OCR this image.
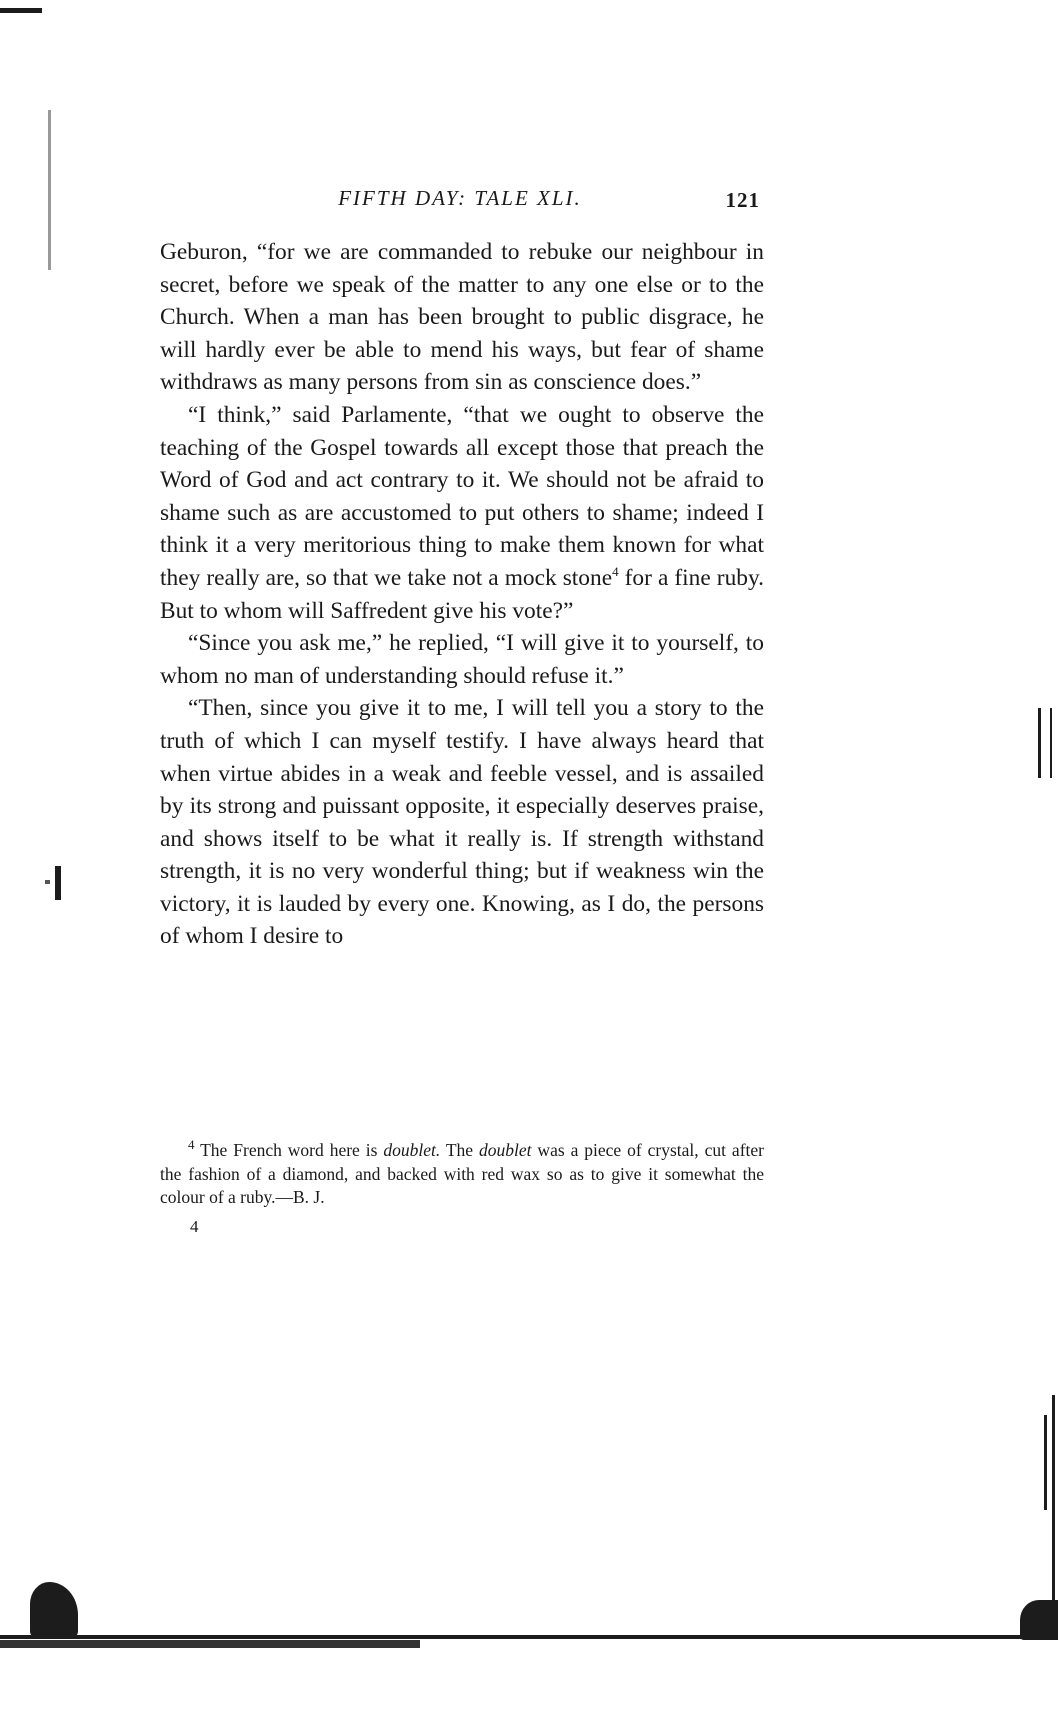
FIFTH DAY: TALE XLI.	121

Geburon, “for we are commanded to rebuke our neighbour in secret, before we speak of the matter to any one else or to the Church. When a man has been brought to public disgrace, he will hardly ever be able to mend his ways, but fear of shame withdraws as many persons from sin as conscience does.”

“I think,” said Parlamente, “that we ought to observe the teaching of the Gospel towards all except those that preach the Word of God and act contrary to it. We should not be afraid to shame such as are accustomed to put others to shame; indeed I think it a very meritorious thing to make them known for what they really are, so that we take not a mock stone$^4$ for a fine ruby. But to whom will Saffredent give his vote?”

“Since you ask me,” he replied, “I will give it to yourself, to whom no man of understanding should refuse it.”

“Then, since you give it to me, I will tell you a story to the truth of which I can myself testify. I have always heard that when virtue abides in a weak and feeble vessel, and is assailed by its strong and puissant opposite, it especially deserves praise, and shows itself to be what it really is. If strength withstand strength, it is no very wonderful thing; but if weakness win the victory, it is lauded by every one. Knowing, as I do, the persons of whom I desire to

$^4$ The French word here is doublet. The doublet was a piece of crystal, cut after the fashion of a diamond, and backed with red wax so as to give it somewhat the colour of a ruby.—B. J.

4
